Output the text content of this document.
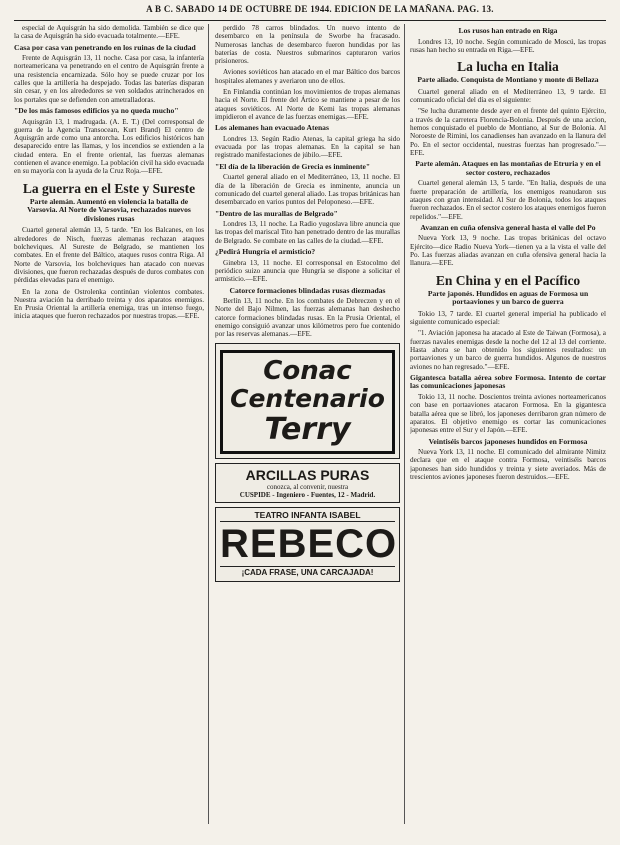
A B C. SABADO 14 DE OCTUBRE DE 1944. EDICION DE LA MAÑANA. PAG. 13.

especial de Aquisgrán ha sido demolida. También se dice que la casa de Aquisgrán ha sido evacuada totalmente.—EFE.

Casa por casa van penetrando en los ruinas de la ciudad

Frente de Aquisgrán 13, 11 noche. Casa por casa, la infantería norteamericana va penetrando en el centro de Aquisgrán frente a una resistencia encarnizada. Sólo hoy se puede cruzar por los calles que la artillería ha despejado. Todas las baterías disparan sin cesar, y en los alrededores se ven soldados atrincherados en los portales que se defienden con ametralladoras.

"De los más famosos edificios ya no queda mucho"

Aquisgrán 13, 1 madrugada. (A. E. T.) (Del corresponsal de guerra de la Agencia Transocean, Kurt Brand) El centro de Aquisgrán arde como una antorcha. Los edificios históricos han desaparecido entre las llamas, y los incendios se extienden a la ciudad entera. En el frente oriental, las fuerzas alemanas contienen el avance enemigo. La población civil ha sido evacuada en su mayoría con la ayuda de la Cruz Roja.—EFE.

La guerra en el Este y Sureste
Parte alemán. Aumentó en violencia la batalla de Varsovia. Al Norte de Varsovia, rechazados nuevos divisiones rusas

Cuartel general alemán 13, 5 tarde. "En los Balcanes, en los alrededores de Nisch, fuerzas alemanas rechazan ataques bolcheviques. Al Sureste de Belgrado, se mantienen los combates. En el frente del Báltico, ataques rusos contra Riga. Al Norte de Varsovia, los bolcheviques han atacado con nuevas divisiones, que fueron rechazadas después de duros combates con pérdidas elevadas para el enemigo.

En la zona de Ostrolenka continúan violentos combates. Nuestra aviación ha derribado treinta y dos aparatos enemigos. En Prusia Oriental la artillería enemiga, tras un intenso fuego, inicia ataques que fueron rechazados por nuestras tropas.—EFE.

perdido 78 carros blindados. Un nuevo intento de desembarco en la península de Sworbe ha fracasado. Numerosas lanchas de desembarco fueron hundidas por las baterías de costa. Nuestros submarinos capturaron varios prisioneros.

Aviones soviéticos han atacado en el mar Báltico dos barcos hospitales alemanes y averiaron uno de ellos.

En Finlandia continúan los movimientos de tropas alemanas hacia el Norte. El frente del Ártico se mantiene a pesar de los ataques soviéticos. Al Norte de Kemi las tropas alemanas impidieron el avance de las fuerzas enemigas.—EFE.

Los alemanes han evacuado Atenas

Londres 13. Según Radio Atenas, la capital griega ha sido evacuada por las tropas alemanas. En la capital se han registrado manifestaciones de júbilo.—EFE.

"El día de la liberación de Grecia es inminente"

Cuartel general aliado en el Mediterráneo, 13, 11 noche. El día de la liberación de Grecia es inminente, anuncia un comunicado del cuartel general aliado. Las tropas británicas han desembarcado en varios puntos del Peloponeso.—EFE.

"Dentro de las murallas de Belgrado"

Londres 13, 11 noche. La Radio yugoslava libre anuncia que las tropas del mariscal Tito han penetrado dentro de las murallas de Belgrado. Se combate en las calles de la ciudad.—EFE.

¿Pedirá Hungría el armisticio?

Ginebra 13, 11 noche. El corresponsal en Estocolmo del periódico suizo anuncia que Hungría se dispone a solicitar el armisticio.—EFE.

Catorce formaciones blindadas rusas diezmadas

Berlín 13, 11 noche. En los combates de Debreczen y en el Norte del Bajo Nilmen, las fuerzas alemanas han deshecho catorce formaciones blindadas rusas. En la Prusia Oriental, el enemigo consiguió avanzar unos kilómetros pero fue contenido por las reservas alemanas.—EFE.

Conac
Centenario
Terry
ARCILLAS PURAS
conozca, al convenir, nuestra
CUSPIDE - Ingeniero - Fuentes, 12 - Madrid.
TEATRO INFANTA ISABEL
REBECO
¡CADA FRASE, UNA CARCAJADA!
Los rusos han entrado en Riga

Londres 13, 10 noche. Según comunicado de Moscú, las tropas rusas han hecho su entrada en Riga.—EFE.

La lucha en Italia
Parte aliado. Conquista de Montiano y monte di Bellaza

Cuartel general aliado en el Mediterráneo 13, 9 tarde. El comunicado oficial del día es el siguiente:

"Se lucha duramente desde ayer en el frente del quinto Ejército, a través de la carretera Florencia-Bolonia. Después de una accion, hemos conquistado el pueblo de Montiano, al Sur de Bolonia. Al Noroeste de Rimini, los canadienses han avanzado en la llanura del Po. En el sector occidental, nuestras fuerzas han progresado."—EFE.

Parte alemán. Ataques en las montañas de Etruria y en el sector costero, rechazados

Cuartel general alemán 13, 5 tarde. "En Italia, después de una fuerte preparación de artillería, los enemigos reanudaron sus ataques con gran intensidad. Al Sur de Bolonia, todos los ataques fueron rechazados. En el sector costero los ataques enemigos fueron repelidos."—EFE.

Avanzan en cuña ofensiva general hasta el valle del Po

Nueva York 13, 9 noche. Las tropas británicas del octavo Ejército—dice Radio Nueva York—tienen ya a la vista el valle del Po. Las fuerzas aliadas avanzan en cuña ofensiva general hacia la llanura.—EFE.

En China y en el Pacífico
Parte japonés. Hundidos en aguas de Formosa un portaaviones y un barco de guerra

Tokio 13, 7 tarde. El cuartel general imperial ha publicado el siguiente comunicado especial:

"1. Aviación japonesa ha atacado al Este de Taiwan (Formosa), a fuerzas navales enemigas desde la noche del 12 al 13 del corriente. Hasta ahora se han obtenido los siguientes resultados: un portaaviones y un barco de guerra hundidos. Algunos de nuestros aviones no han regresado."—EFE.

Gigantesca batalla aérea sobre Formosa. Intento de cortar las comunicaciones japonesas

Tokio 13, 11 noche. Doscientos treinta aviones norteamericanos con base en portaaviones atacaron Formosa. En la gigantesca batalla aérea que se libró, los japoneses derribaron gran número de aparatos. El objetivo enemigo es cortar las comunicaciones japonesas entre el Sur y el Japón.—EFE.

Veintiséis barcos japoneses hundidos en Formosa

Nueva York 13, 11 noche. El comunicado del almirante Nimitz declara que en el ataque contra Formosa, veintiséis barcos japoneses han sido hundidos y treinta y siete averiados. Más de trescientos aviones japoneses fueron destruidos.—EFE.
